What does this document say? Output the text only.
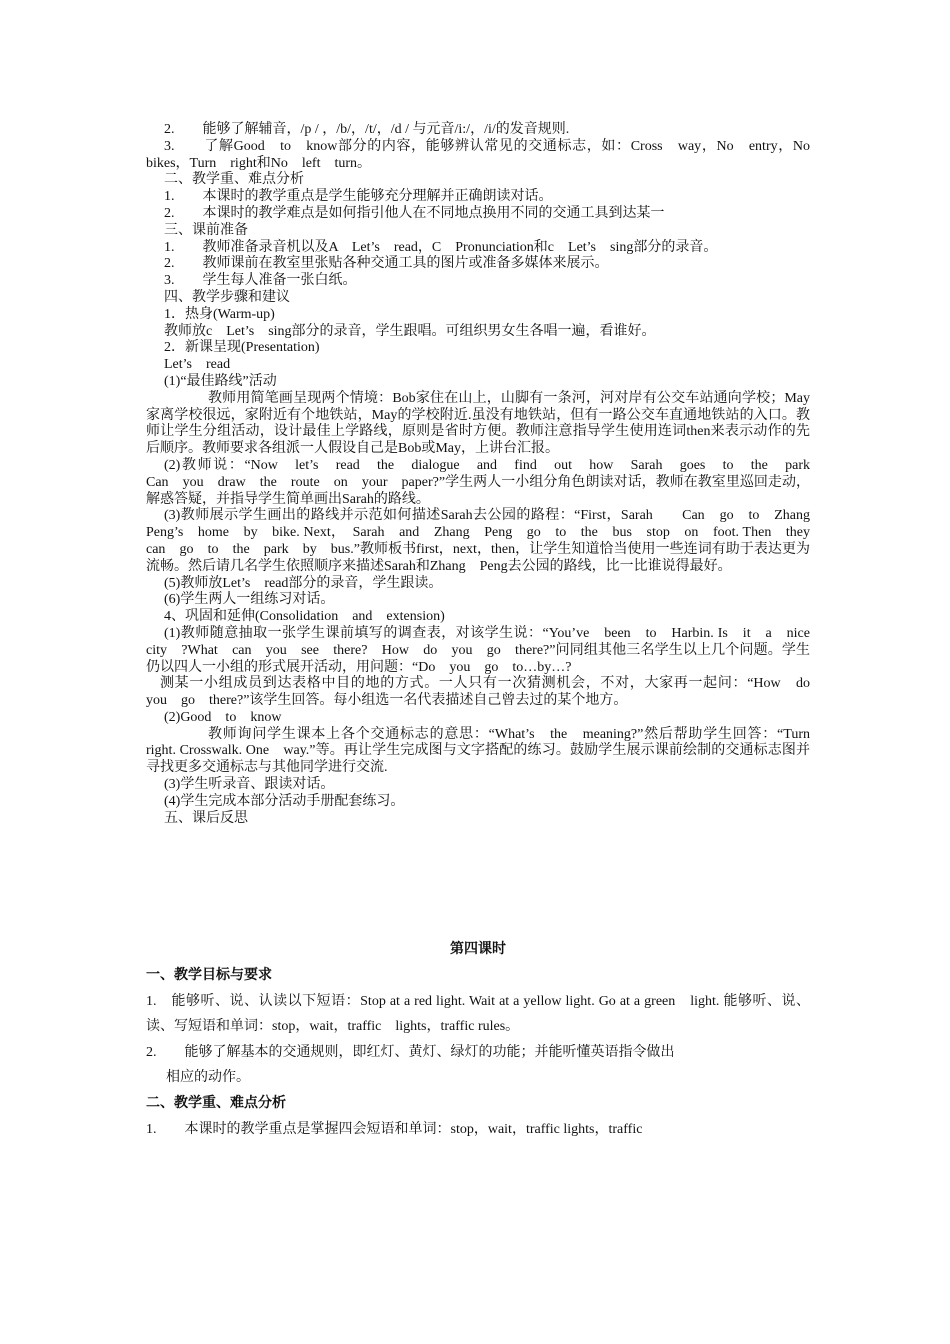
2.　　能够了解辅音，/p / ，/b/，/t/，/d / 与元音/i:/，/i/的发音规则.

3.　　了解Good　to　know部分的内容，能够辨认常见的交通标志，如：Cross　way，No　entry，No　bikes，Turn　right和No　left　turn。

二、教学重、难点分析

1.　　本课时的教学重点是学生能够充分理解并正确朗读对话。

2.　　本课时的教学难点是如何指引他人在不同地点换用不同的交通工具到达某一

三、课前准备

1.　　教师准备录音机以及A　Let’s　read，C　Pronunciation和c　Let’s　sing部分的录音。

2.　　教师课前在教室里张贴各种交通工具的图片或准备多媒体来展示。

3.　　学生每人准备一张白纸。

四、教学步骤和建议

1．热身(Warm-up)

教师放c　Let’s　sing部分的录音，学生跟唱。可组织男女生各唱一遍，看谁好。

2．新课呈现(Presentation)

Let’s　read

(1)“最佳路线”活动

教师用简笔画呈现两个情境：Bob家住在山上，山脚有一条河，河对岸有公交车站通向学校；May家离学校很远，家附近有个地铁站，May的学校附近.虽没有地铁站，但有一路公交车直通地铁站的入口。教师让学生分组活动，设计最佳上学路线，原则是省时方便。教师注意指导学生使用连词then来表示动作的先后顺序。教师要求各组派一人假设自己是Bob或May，上讲台汇报。

(2)教师说：“Now　let’s　read　the　dialogue　and　find　out　how　Sarah　goes　to　the　park　　Can　you　draw　the　route　on　your　paper?”学生两人一小组分角色朗读对话，教师在教室里巡回走动，解惑答疑，并指导学生简单画出Sarah的路线。

(3)教师展示学生画出的路线并示范如何描述Sarah去公园的路程：“First，Sarah　　Can　go　to　Zhang　Peng’s　home　by　bike. Next，　Sarah　and　Zhang　Peng　go　to　the　bus　stop　on　foot. Then　they　can　go　to　the　park　by　bus.”教师板书first，next，then，让学生知道恰当使用一些连词有助于表达更为流畅。然后请几名学生依照顺序来描述Sarah和Zhang　Peng去公园的路线，比一比谁说得最好。

(5)教师放Let’s　read部分的录音，学生跟读。

(6)学生两人一组练习对话。

4、巩固和延伸(Consolidation　and　extension)

(1)教师随意抽取一张学生课前填写的调查表，对该学生说：“You’ve　been　to　Harbin. Is　it　a　nice　city　?What　can　you　see　there?　How　do　you　go　there?”问同组其他三名学生以上几个问题。学生仍以四人一小组的形式展开活动，用问题：“Do　you　go　to…by…?

测某一小组成员到达表格中目的地的方式。一人只有一次猜测机会，不对，大家再一起问：“How　do　you　go　there?”该学生回答。每小组选一名代表描述自己曾去过的某个地方。

(2)Good　to　know

教师询问学生课本上各个交通标志的意思：“What’s　the　meaning?”然后帮助学生回答：“Turn　right. Crosswalk. One　way.”等。再让学生完成图与文字搭配的练习。鼓励学生展示课前绘制的交通标志图并寻找更多交通标志与其他同学进行交流.

(3)学生听录音、跟读对话。

(4)学生完成本部分活动手册配套练习。

五、课后反思

第四课时

一、教学目标与要求

1.　能够听、说、认读以下短语：Stop at a red light. Wait at a yellow light. Go at a green　light. 能够听、说、读、写短语和单词：stop，wait，traffic　lights，traffic rules。

2.　　能够了解基本的交通规则，即红灯、黄灯、绿灯的功能；并能听懂英语指令做出

相应的动作。

二、教学重、难点分析

1.　　本课时的教学重点是掌握四会短语和单词：stop，wait，traffic lights，traffic
